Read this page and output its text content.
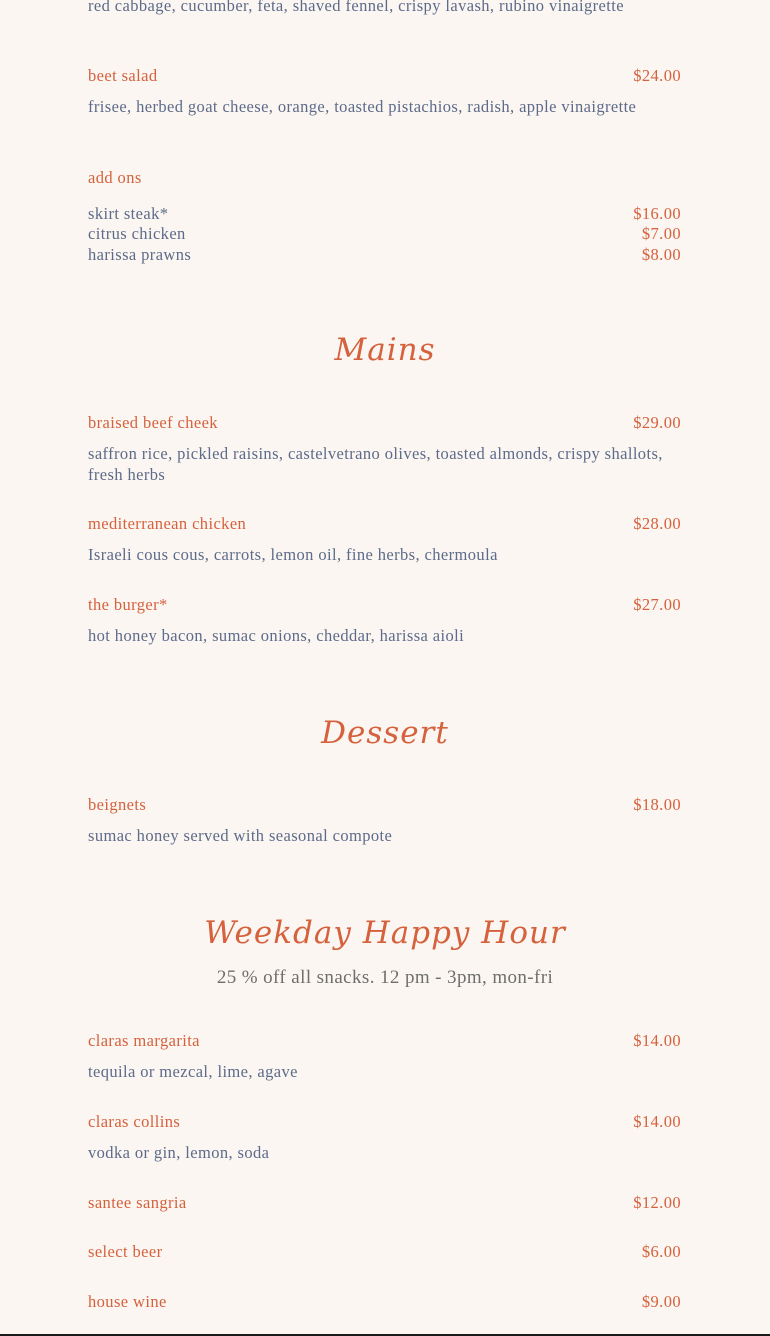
red cabbage, cucumber, feta, shaved fennel, crispy lavash, rubino vinaigrette
beet salad	$24.00
frisee, herbed goat cheese, orange, toasted pistachios, radish, apple vinaigrette
add ons
skirt steak*	$16.00
citrus chicken	$7.00
harissa prawns	$8.00
Mains
braised beef cheek	$29.00
saffron rice, pickled raisins, castelvetrano olives, toasted almonds, crispy shallots, fresh herbs
mediterranean chicken	$28.00
Israeli cous cous, carrots, lemon oil, fine herbs, chermoula
the burger*	$27.00
hot honey bacon, sumac onions, cheddar, harissa aioli
Dessert
beignets	$18.00
sumac honey served with seasonal compote
Weekday Happy Hour
25 % off all snacks. 12 pm - 3pm, mon-fri
claras margarita	$14.00
tequila or mezcal, lime, agave
claras collins	$14.00
vodka or gin, lemon, soda
santee sangria	$12.00
select beer	$6.00
house wine	$9.00
